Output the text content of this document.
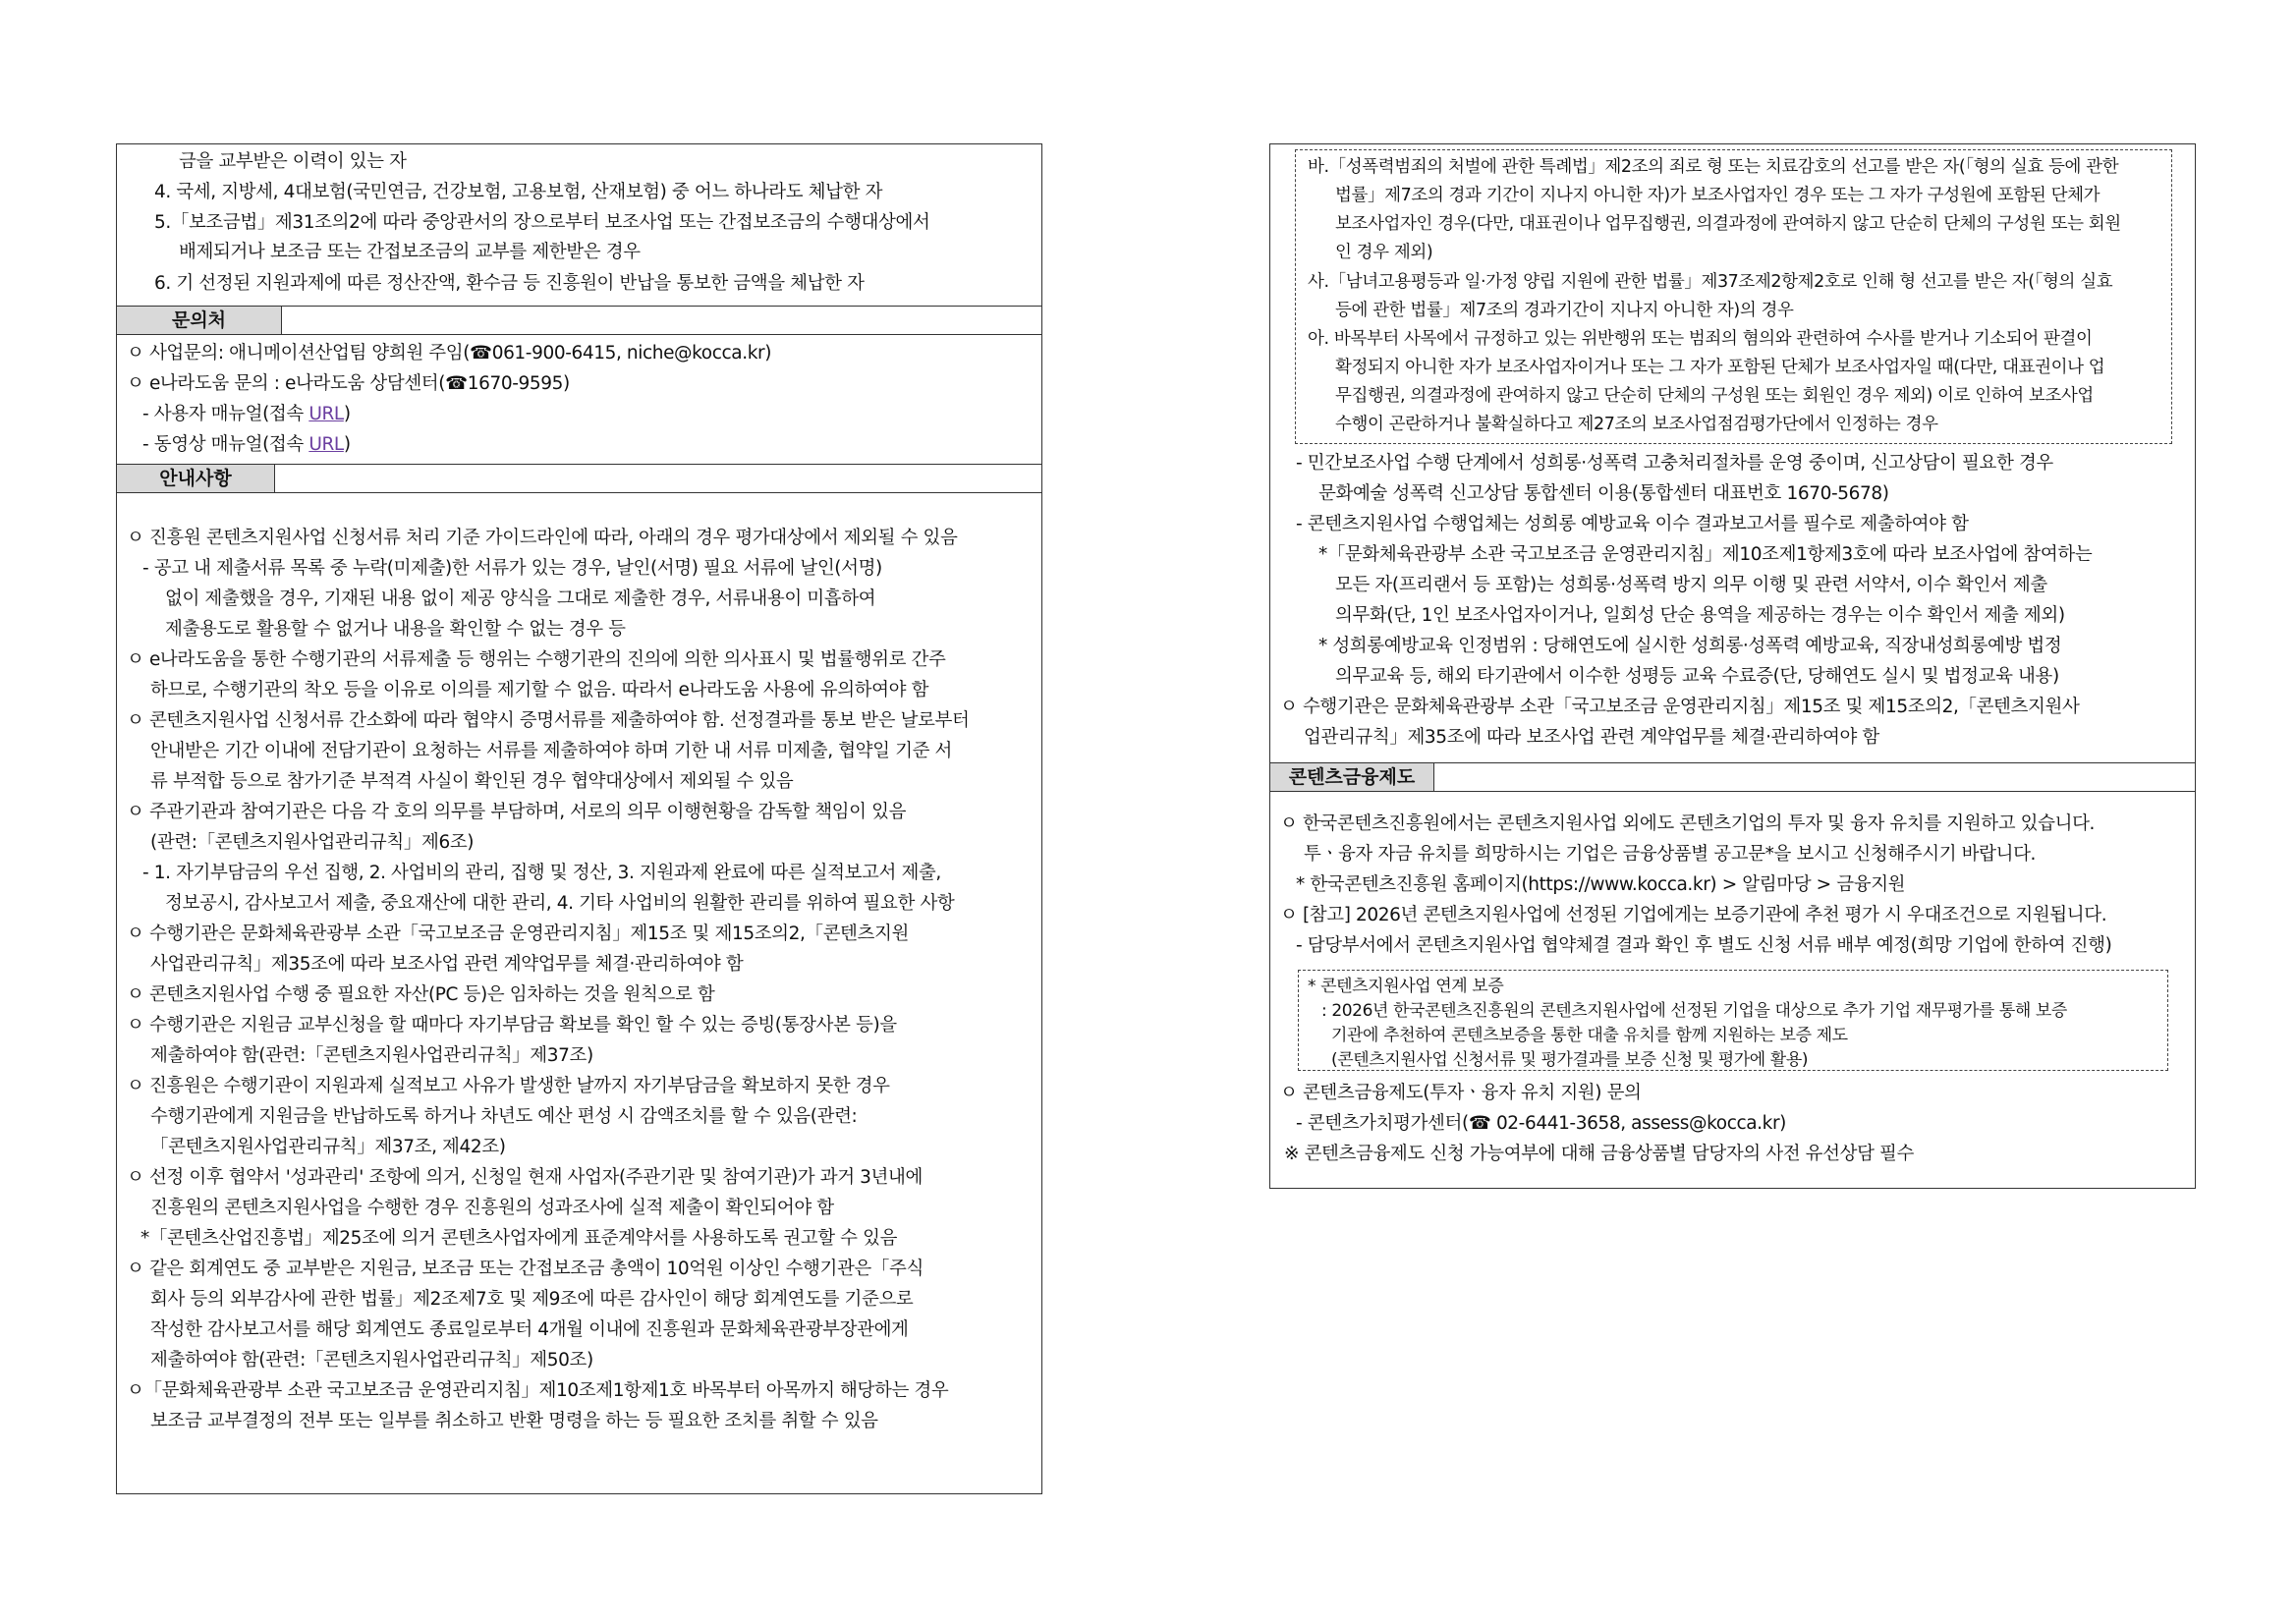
금을 교부받은 이력이 있는 자
4. 국세, 지방세, 4대보험(국민연금, 건강보험, 고용보험, 산재보험) 중 어느 하나라도 체납한 자
5.「보조금법」제31조의2에 따라 중앙관서의 장으로부터 보조사업 또는 간접보조금의 수행대상에서
배제되거나 보조금 또는 간접보조금의 교부를 제한받은 경우
6. 기 선정된 지원과제에 따른 정산잔액, 환수금 등 진흥원이 반납을 통보한 금액을 체납한 자
문의처
ㅇ 사업문의: 애니메이션산업팀 양희원 주임(☎061-900-6415, niche@kocca.kr)
ㅇ e나라도움 문의 : e나라도움 상담센터(☎1670-9595)
- 사용자 매뉴얼(접속 URL)
- 동영상 매뉴얼(접속 URL)
안내사항
ㅇ 진흥원 콘텐츠지원사업 신청서류 처리 기준 가이드라인에 따라, 아래의 경우 평가대상에서 제외될 수 있음
- 공고 내 제출서류 목록 중 누락(미제출)한 서류가 있는 경우, 날인(서명) 필요 서류에 날인(서명)
없이 제출했을 경우, 기재된 내용 없이 제공 양식을 그대로 제출한 경우, 서류내용이 미흡하여
제출용도로 활용할 수 없거나 내용을 확인할 수 없는 경우 등
ㅇ e나라도움을 통한 수행기관의 서류제출 등 행위는 수행기관의 진의에 의한 의사표시 및 법률행위로 간주
하므로, 수행기관의 착오 등을 이유로 이의를 제기할 수 없음. 따라서 e나라도움 사용에 유의하여야 함
ㅇ 콘텐츠지원사업 신청서류 간소화에 따라 협약시 증명서류를 제출하여야 함. 선정결과를 통보 받은 날로부터
안내받은 기간 이내에 전담기관이 요청하는 서류를 제출하여야 하며 기한 내 서류 미제출, 협약일 기준 서
류 부적합 등으로 참가기준 부적격 사실이 확인된 경우 협약대상에서 제외될 수 있음
ㅇ 주관기관과 참여기관은 다음 각 호의 의무를 부담하며, 서로의 의무 이행현황을 감독할 책임이 있음
(관련:「콘텐츠지원사업관리규칙」제6조)
- 1. 자기부담금의 우선 집행, 2. 사업비의 관리, 집행 및 정산, 3. 지원과제 완료에 따른 실적보고서 제출,
정보공시, 감사보고서 제출, 중요재산에 대한 관리, 4. 기타 사업비의 원활한 관리를 위하여 필요한 사항
ㅇ 수행기관은 문화체육관광부 소관「국고보조금 운영관리지침」제15조 및 제15조의2,「콘텐츠지원
사업관리규칙」제35조에 따라 보조사업 관련 계약업무를 체결·관리하여야 함
ㅇ 콘텐츠지원사업 수행 중 필요한 자산(PC 등)은 임차하는 것을 원칙으로 함
ㅇ 수행기관은 지원금 교부신청을 할 때마다 자기부담금 확보를 확인 할 수 있는 증빙(통장사본 등)을
제출하여야 함(관련:「콘텐츠지원사업관리규칙」제37조)
ㅇ 진흥원은 수행기관이 지원과제 실적보고 사유가 발생한 날까지 자기부담금을 확보하지 못한 경우
수행기관에게 지원금을 반납하도록 하거나 차년도 예산 편성 시 감액조치를 할 수 있음(관련:
「콘텐츠지원사업관리규칙」제37조, 제42조)
ㅇ 선정 이후 협약서 '성과관리' 조항에 의거, 신청일 현재 사업자(주관기관 및 참여기관)가 과거 3년내에
진흥원의 콘텐츠지원사업을 수행한 경우 진흥원의 성과조사에 실적 제출이 확인되어야 함
*「콘텐츠산업진흥법」제25조에 의거 콘텐츠사업자에게 표준계약서를 사용하도록 권고할 수 있음
ㅇ 같은 회계연도 중 교부받은 지원금, 보조금 또는 간접보조금 총액이 10억원 이상인 수행기관은「주식
회사 등의 외부감사에 관한 법률」제2조제7호 및 제9조에 따른 감사인이 해당 회계연도를 기준으로
작성한 감사보고서를 해당 회계연도 종료일로부터 4개월 이내에 진흥원과 문화체육관광부장관에게
제출하여야 함(관련:「콘텐츠지원사업관리규칙」제50조)
ㅇ「문화체육관광부 소관 국고보조금 운영관리지침」제10조제1항제1호 바목부터 아목까지 해당하는 경우
보조금 교부결정의 전부 또는 일부를 취소하고 반환 명령을 하는 등 필요한 조치를 취할 수 있음
바.「성폭력범죄의 처벌에 관한 특례법」제2조의 죄로 형 또는 치료감호의 선고를 받은 자(「형의 실효 등에 관한
법률」제7조의 경과 기간이 지나지 아니한 자)가 보조사업자인 경우 또는 그 자가 구성원에 포함된 단체가
보조사업자인 경우(다만, 대표권이나 업무집행권, 의결과정에 관여하지 않고 단순히 단체의 구성원 또는 회원
인 경우 제외)
사.「남녀고용평등과 일·가정 양립 지원에 관한 법률」제37조제2항제2호로 인해 형 선고를 받은 자(「형의 실효
등에 관한 법률」제7조의 경과기간이 지나지 아니한 자)의 경우
아. 바목부터 사목에서 규정하고 있는 위반행위 또는 범죄의 혐의와 관련하여 수사를 받거나 기소되어 판결이
확정되지 아니한 자가 보조사업자이거나 또는 그 자가 포함된 단체가 보조사업자일 때(다만, 대표권이나 업
무집행권, 의결과정에 관여하지 않고 단순히 단체의 구성원 또는 회원인 경우 제외) 이로 인하여 보조사업
수행이 곤란하거나 불확실하다고 제27조의 보조사업점검평가단에서 인정하는 경우
- 민간보조사업 수행 단계에서 성희롱·성폭력 고충처리절차를 운영 중이며, 신고상담이 필요한 경우
문화예술 성폭력 신고상담 통합센터 이용(통합센터 대표번호 1670-5678)
- 콘텐츠지원사업 수행업체는 성희롱 예방교육 이수 결과보고서를 필수로 제출하여야 함
*「문화체육관광부 소관 국고보조금 운영관리지침」제10조제1항제3호에 따라 보조사업에 참여하는
모든 자(프리랜서 등 포함)는 성희롱·성폭력 방지 의무 이행 및 관련 서약서, 이수 확인서 제출
의무화(단, 1인 보조사업자이거나, 일회성 단순 용역을 제공하는 경우는 이수 확인서 제출 제외)
* 성희롱예방교육 인정범위 : 당해연도에 실시한 성희롱·성폭력 예방교육, 직장내성희롱예방 법정
의무교육 등, 해외 타기관에서 이수한 성평등 교육 수료증(단, 당해연도 실시 및 법정교육 내용)
ㅇ 수행기관은 문화체육관광부 소관「국고보조금 운영관리지침」제15조 및 제15조의2,「콘텐츠지원사
업관리규칙」제35조에 따라 보조사업 관련 계약업무를 체결·관리하여야 함
콘텐츠금융제도
ㅇ 한국콘텐츠진흥원에서는 콘텐츠지원사업 외에도 콘텐츠기업의 투자 및 융자 유치를 지원하고 있습니다.
투ㆍ융자 자금 유치를 희망하시는 기업은 금융상품별 공고문*을 보시고 신청해주시기 바랍니다.
* 한국콘텐츠진흥원 홈페이지(https://www.kocca.kr) > 알림마당 > 금융지원
ㅇ [참고] 2026년 콘텐츠지원사업에 선정된 기업에게는 보증기관에 추천 평가 시 우대조건으로 지원됩니다.
- 담당부서에서 콘텐츠지원사업 협약체결 결과 확인 후 별도 신청 서류 배부 예정(희망 기업에 한하여 진행)
* 콘텐츠지원사업 연계 보증
: 2026년 한국콘텐츠진흥원의 콘텐츠지원사업에 선정된 기업을 대상으로 추가 기업 재무평가를 통해 보증
기관에 추천하여 콘텐츠보증을 통한 대출 유치를 함께 지원하는 보증 제도
(콘텐츠지원사업 신청서류 및 평가결과를 보증 신청 및 평가에 활용)
ㅇ 콘텐츠금융제도(투자ㆍ융자 유치 지원) 문의
- 콘텐츠가치평가센터(☎ 02-6441-3658, assess@kocca.kr)
※ 콘텐츠금융제도 신청 가능여부에 대해 금융상품별 담당자의 사전 유선상담 필수
